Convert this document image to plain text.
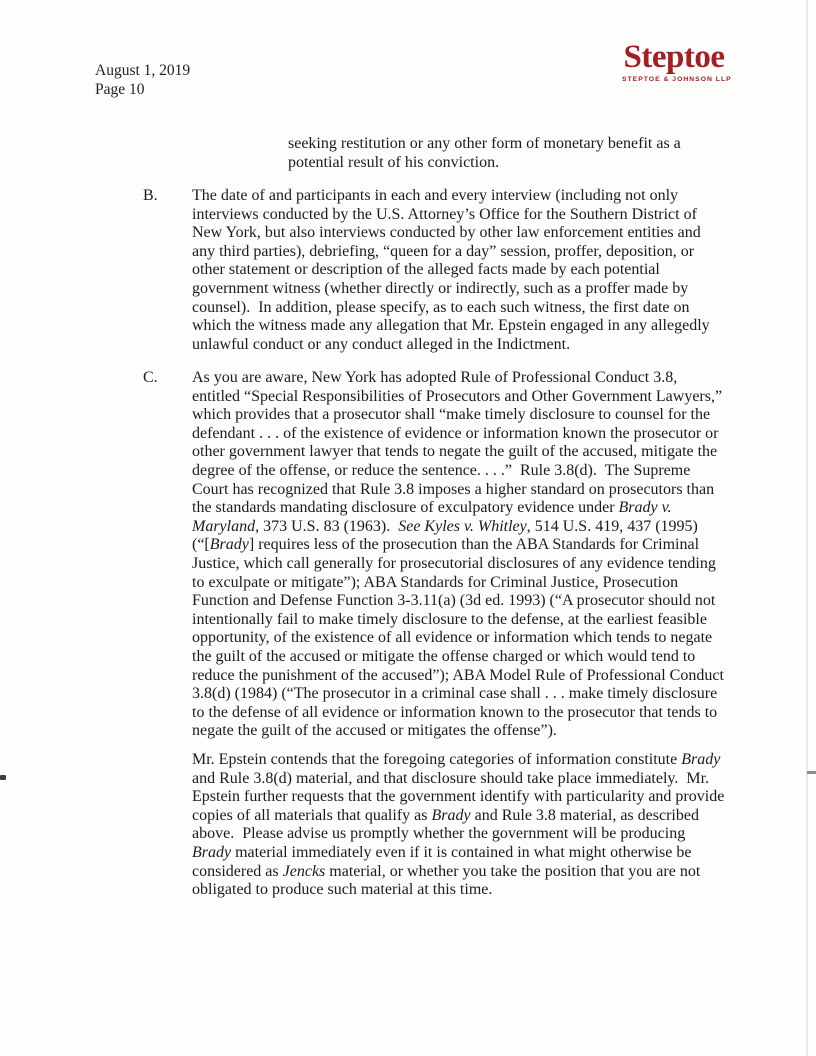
August 1, 2019
Page 10
Steptoe
STEPTOE & JOHNSON LLP
seeking restitution or any other form of monetary benefit as a potential result of his conviction.
B.	The date of and participants in each and every interview (including not only interviews conducted by the U.S. Attorney’s Office for the Southern District of New York, but also interviews conducted by other law enforcement entities and any third parties), debriefing, “queen for a day” session, proffer, deposition, or other statement or description of the alleged facts made by each potential government witness (whether directly or indirectly, such as a proffer made by counsel).  In addition, please specify, as to each such witness, the first date on which the witness made any allegation that Mr. Epstein engaged in any allegedly unlawful conduct or any conduct alleged in the Indictment.
C.	As you are aware, New York has adopted Rule of Professional Conduct 3.8, entitled “Special Responsibilities of Prosecutors and Other Government Lawyers,” which provides that a prosecutor shall “make timely disclosure to counsel for the defendant . . . of the existence of evidence or information known the prosecutor or other government lawyer that tends to negate the guilt of the accused, mitigate the degree of the offense, or reduce the sentence. . . .”  Rule 3.8(d).  The Supreme Court has recognized that Rule 3.8 imposes a higher standard on prosecutors than the standards mandating disclosure of exculpatory evidence under Brady v. Maryland, 373 U.S. 83 (1963).  See Kyles v. Whitley, 514 U.S. 419, 437 (1995) (“[Brady] requires less of the prosecution than the ABA Standards for Criminal Justice, which call generally for prosecutorial disclosures of any evidence tending to exculpate or mitigate”); ABA Standards for Criminal Justice, Prosecution Function and Defense Function 3-3.11(a) (3d ed. 1993) (“A prosecutor should not intentionally fail to make timely disclosure to the defense, at the earliest feasible opportunity, of the existence of all evidence or information which tends to negate the guilt of the accused or mitigate the offense charged or which would tend to reduce the punishment of the accused”); ABA Model Rule of Professional Conduct 3.8(d) (1984) (“The prosecutor in a criminal case shall . . . make timely disclosure to the defense of all evidence or information known to the prosecutor that tends to negate the guilt of the accused or mitigates the offense”).
Mr. Epstein contends that the foregoing categories of information constitute Brady and Rule 3.8(d) material, and that disclosure should take place immediately.  Mr. Epstein further requests that the government identify with particularity and provide copies of all materials that qualify as Brady and Rule 3.8 material, as described above.  Please advise us promptly whether the government will be producing Brady material immediately even if it is contained in what might otherwise be considered as Jencks material, or whether you take the position that you are not obligated to produce such material at this time.
